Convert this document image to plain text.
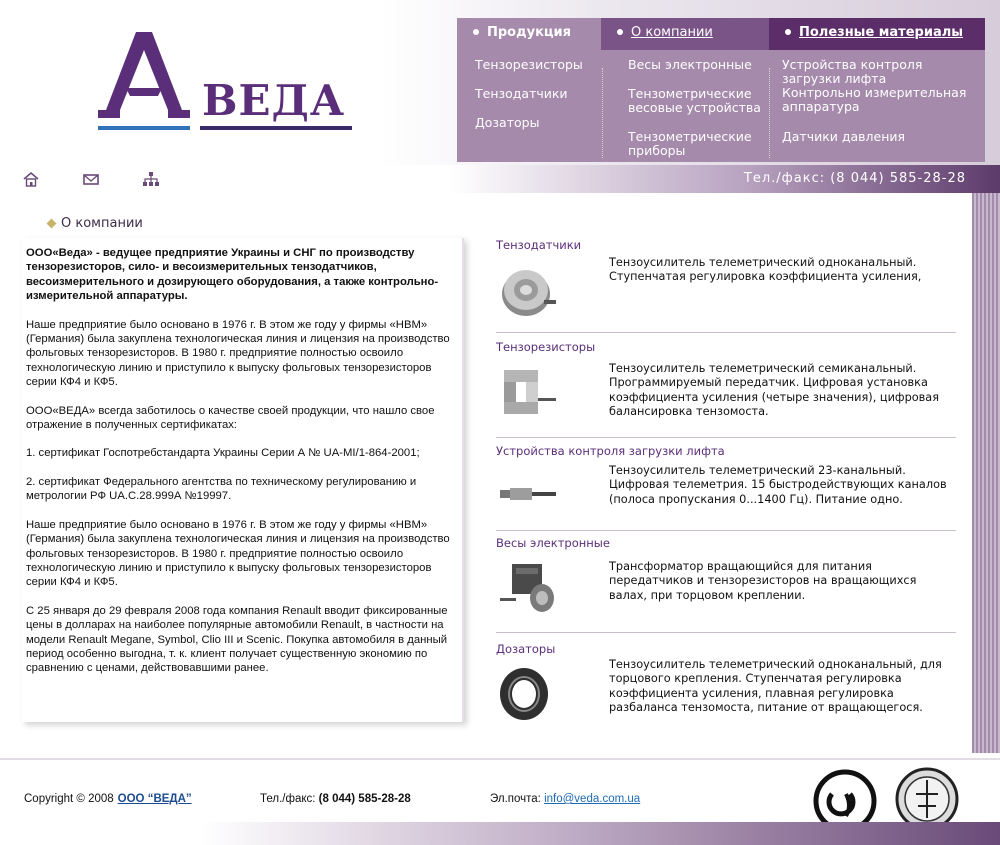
ВЕДА
Продукция	О компании	Полезные материалы
Тензорезисторы
Тензодатчики
Дозаторы
Весы электронные
Тензометрические
весовые устройства
Тензометрические
приборы
Устройства контроля
загрузки лифта
Контрольно измерительная
аппаратура
Датчики давления
Тел./факс: (8 044) 585-28-28
О компании

ООО«Веда» - ведущее предприятие Украины и СНГ по производству тензорезисторов, сило- и весоизмерительных тензодатчиков, весоизмерительного и дозирующего оборудования, а также контрольно-измерительной аппаратуры.

Наше предприятие было основано в 1976 г. В этом же году у фирмы «НВМ» (Германия) была закуплена технологическая линия и лицензия на производство фольговых тензорезисторов. В 1980 г. предприятие полностью освоило технологическую линию и приступило к выпуску фольговых тензорезисторов серии КФ4 и КФ5.

ООО«ВЕДА» всегда заботилось о качестве своей продукции, что нашло свое отражение в полученных сертификатах:

1. сертификат Госпотребстандарта Украины Серии А № UA-MI/1-864-2001;

2. сертификат Федерального агентства по техническому регулированию и метрологии РФ UA.С.28.999А №19997.

Наше предприятие было основано в 1976 г. В этом же году у фирмы «НВМ» (Германия) была закуплена технологическая линия и лицензия на производство фольговых тензорезисторов. В 1980 г. предприятие полностью освоило технологическую линию и приступило к выпуску фольговых тензорезисторов серии КФ4 и КФ5.

С 25 января до 29 февраля 2008 года компания Renault вводит фиксированные цены в долларах на наиболее популярные автомобили Renault, в частности на модели Renault Megane, Symbol, Clio III и Scenic. Покупка автомобиля в данный период особенно выгодна, т. к. клиент получает существенную экономию по сравнению с ценами, действовавшими ранее.

Тензодатчики
Тензоусилитель телеметрический одноканальный. Ступенчатая регулировка коэффициента усиления,
Тензорезисторы
Тензоусилитель телеметрический семиканальный. Программируемый передатчик. Цифровая установка коэффициента усиления (четыре значения), цифровая балансировка тензомоста.
Устройства контроля загрузки лифта
Тензоусилитель телеметрический 23-канальный. Цифровая телеметрия. 15 быстродействующих каналов (полоса пропускания 0...1400 Гц). Питание одно.
Весы электронные
Трансформатор вращающийся для питания передатчиков и тензорезисторов на вращающихся валах, при торцовом креплении.
Дозаторы
Тензоусилитель телеметрический одноканальный, для торцового крепления. Ступенчатая регулировка коэффициента усиления, плавная регулировка разбаланса тензомоста, питание от вращающегося.
Copyright © 2008 ООО “ВЕДА”	Тел./факс: (8 044) 585-28-28	Эл.почта: info@veda.com.ua
